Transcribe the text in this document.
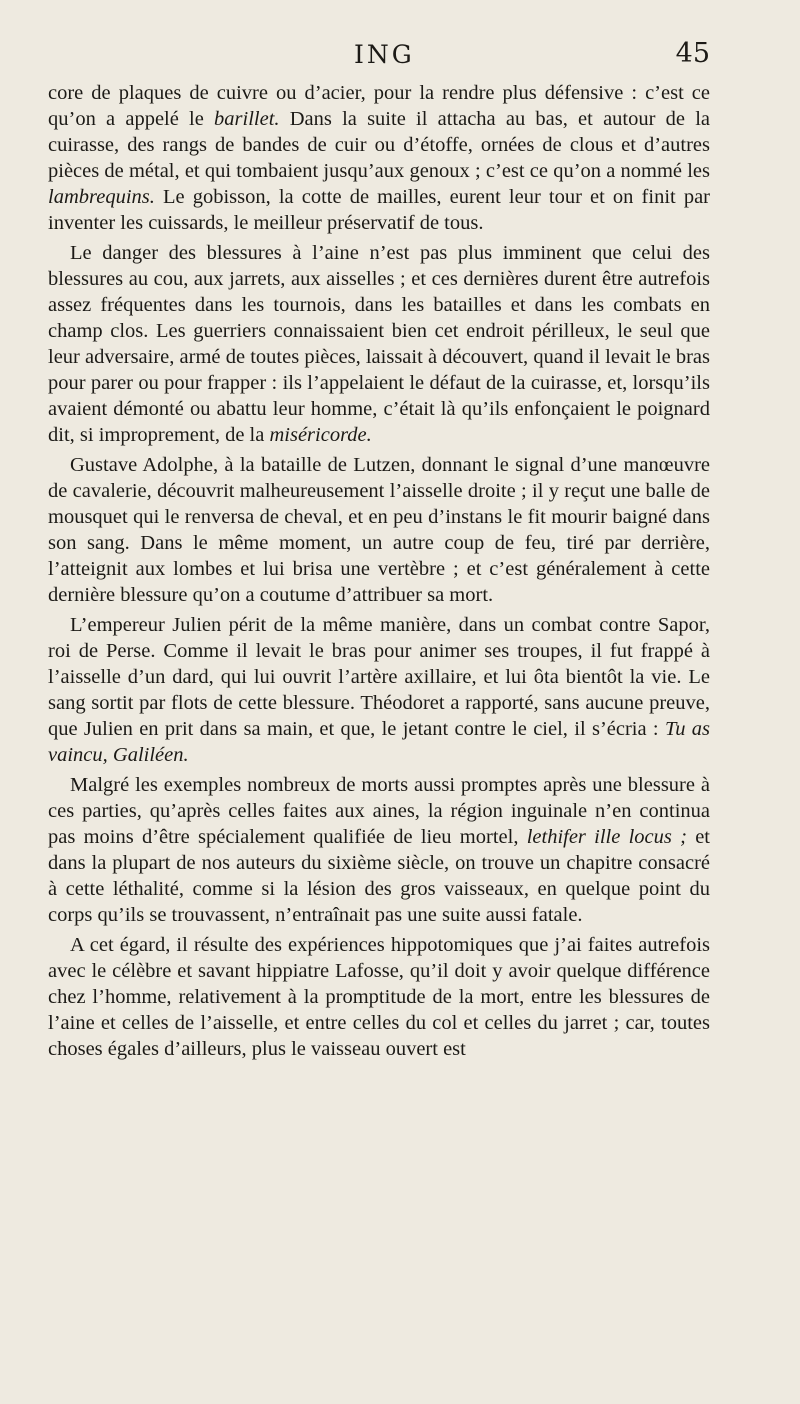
ING	45

core de plaques de cuivre ou d’acier, pour la rendre plus défensive : c’est ce qu’on a appelé le barillet. Dans la suite il attacha au bas, et autour de la cuirasse, des rangs de bandes de cuir ou d’étoffe, ornées de clous et d’autres pièces de métal, et qui tombaient jusqu’aux genoux ; c’est ce qu’on a nommé les lambrequins. Le gobisson, la cotte de mailles, eurent leur tour et on finit par inventer les cuissards, le meilleur préservatif de tous.

Le danger des blessures à l’aine n’est pas plus imminent que celui des blessures au cou, aux jarrets, aux aisselles ; et ces dernières durent être autrefois assez fréquentes dans les tournois, dans les batailles et dans les combats en champ clos. Les guerriers connaissaient bien cet endroit périlleux, le seul que leur adversaire, armé de toutes pièces, laissait à découvert, quand il levait le bras pour parer ou pour frapper : ils l’appelaient le défaut de la cuirasse, et, lorsqu’ils avaient démonté ou abattu leur homme, c’était là qu’ils enfonçaient le poignard dit, si improprement, de la miséricorde.

Gustave Adolphe, à la bataille de Lutzen, donnant le signal d’une manœuvre de cavalerie, découvrit malheureusement l’aisselle droite ; il y reçut une balle de mousquet qui le renversa de cheval, et en peu d’instans le fit mourir baigné dans son sang. Dans le même moment, un autre coup de feu, tiré par derrière, l’atteignit aux lombes et lui brisa une vertèbre ; et c’est généralement à cette dernière blessure qu’on a coutume d’attribuer sa mort.

L’empereur Julien périt de la même manière, dans un combat contre Sapor, roi de Perse. Comme il levait le bras pour animer ses troupes, il fut frappé à l’aisselle d’un dard, qui lui ouvrit l’artère axillaire, et lui ôta bientôt la vie. Le sang sortit par flots de cette blessure. Théodoret a rapporté, sans aucune preuve, que Julien en prit dans sa main, et que, le jetant contre le ciel, il s’écria : Tu as vaincu, Galiléen.

Malgré les exemples nombreux de morts aussi promptes après une blessure à ces parties, qu’après celles faites aux aines, la région inguinale n’en continua pas moins d’être spécialement qualifiée de lieu mortel, lethifer ille locus ; et dans la plupart de nos auteurs du sixième siècle, on trouve un chapitre consacré à cette léthalité, comme si la lésion des gros vaisseaux, en quelque point du corps qu’ils se trouvassent, n’entraînait pas une suite aussi fatale.

A cet égard, il résulte des expériences hippotomiques que j’ai faites autrefois avec le célèbre et savant hippiatre Lafosse, qu’il doit y avoir quelque différence chez l’homme, relativement à la promptitude de la mort, entre les blessures de l’aine et celles de l’aisselle, et entre celles du col et celles du jarret ; car, toutes choses égales d’ailleurs, plus le vaisseau ouvert est
